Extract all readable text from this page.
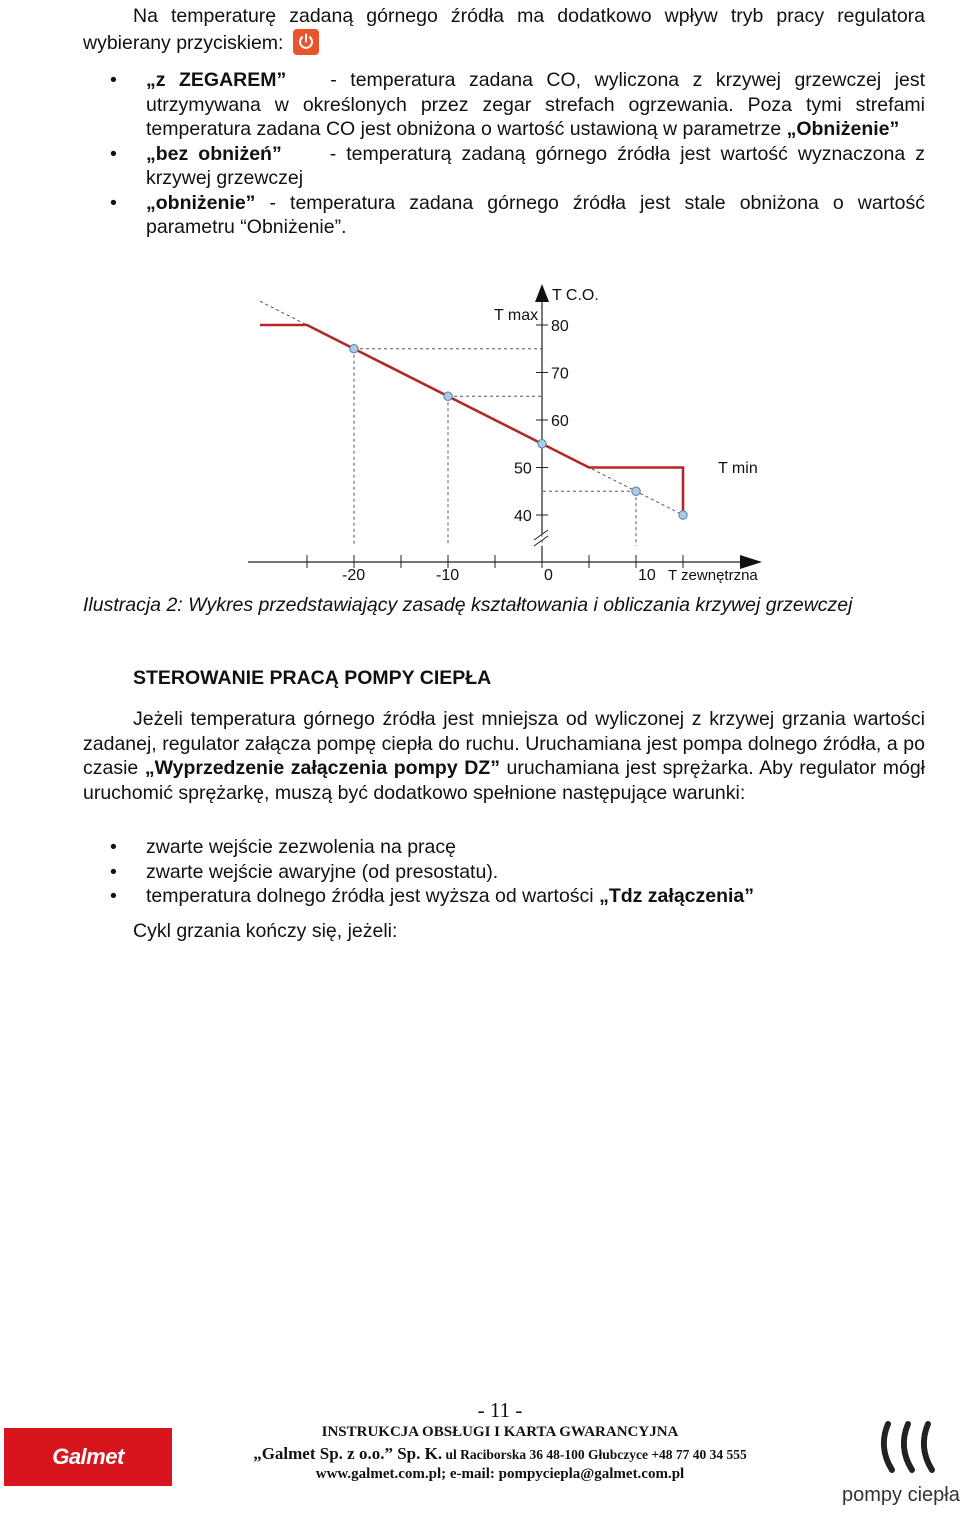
Na temperaturę zadaną górnego źródła ma dodatkowo wpływ tryb pracy regulatora wybierany przyciskiem:
• „z ZEGAREM” - temperatura zadana CO, wyliczona z krzywej grzewczej jest utrzymywana w określonych przez zegar strefach ogrzewania. Poza tymi strefami temperatura zadana CO jest obniżona o wartość ustawioną w parametrze „Obniżenie”
• „bez obniżeń” - temperaturą zadaną górnego źródła jest wartość wyznaczona z krzywej grzewczej
• „obniżenie” - temperatura zadana górnego źródła jest stale obniżona o wartość parametru “Obniżenie”.
80
70
60
50
40
-20	-10	0	10
T C.O.
T max
T min
T zewnętrzna
Ilustracja 2: Wykres przedstawiający zasadę kształtowania i obliczania krzywej grzewczej
STEROWANIE PRACĄ POMPY CIEPŁA
Jeżeli temperatura górnego źródła jest mniejsza od wyliczonej z krzywej grzania wartości zadanej, regulator załącza pompę ciepła do ruchu. Uruchamiana jest pompa dolnego źródła, a po czasie „Wyprzedzenie załączenia pompy DZ” uruchamiana jest sprężarka. Aby regulator mógł uruchomić sprężarkę, muszą być dodatkowo spełnione następujące warunki:
• zwarte wejście zezwolenia na pracę
• zwarte wejście awaryjne (od presostatu).
• temperatura dolnego źródła jest wyższa od wartości „Tdz załączenia”
Cykl grzania kończy się, jeżeli:
- 11 -
Galmet
INSTRUKCJA OBSŁUGI I KARTA GWARANCYJNA
„Galmet Sp. z o.o.” Sp. K. ul Raciborska 36 48-100 Głubczyce +48 77 40 34 555
www.galmet.com.pl; e-mail: pompyciepla@galmet.com.pl
pompy ciepła
